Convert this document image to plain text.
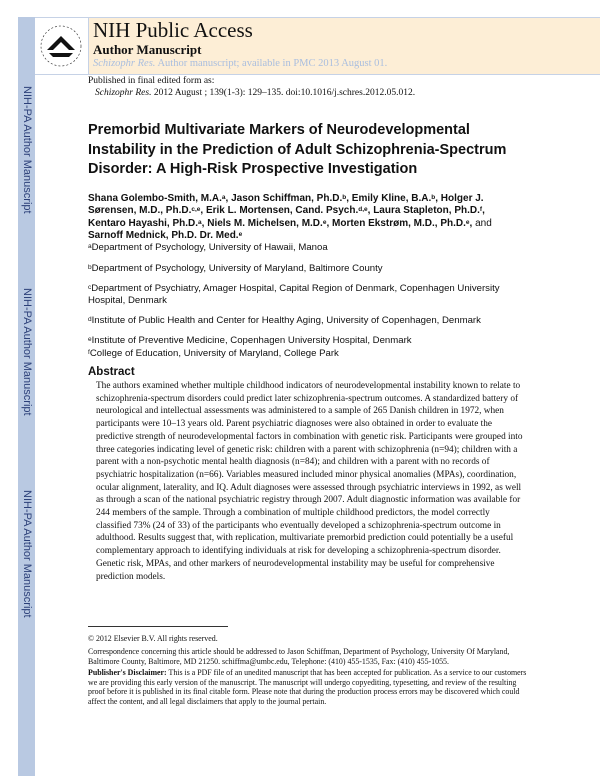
NIH-PA Author Manuscript
NIH-PA Author Manuscript
NIH-PA Author Manuscript
NIH Public Access
Author Manuscript
Schizophr Res. Author manuscript; available in PMC 2013 August 01.
Published in final edited form as:
Schizophr Res. 2012 August ; 139(1-3): 129–135. doi:10.1016/j.schres.2012.05.012.
Premorbid Multivariate Markers of Neurodevelopmental Instability in the Prediction of Adult Schizophrenia-Spectrum Disorder: A High-Risk Prospective Investigation
Shana Golembo-Smith, M.A.$^a$, Jason Schiffman, Ph.D.$^b$, Emily Kline, B.A.$^b$, Holger J. Sørensen, M.D., Ph.D.$^{c,e}$, Erik L. Mortensen, Cand. Psych.$^{d,e}$, Laura Stapleton, Ph.D.$^f$, Kentaro Hayashi, Ph.D.$^a$, Niels M. Michelsen, M.D.$^e$, Morten Ekstrøm, M.D., Ph.D.$^e$, and Sarnoff Mednick, Ph.D. Dr. Med.$^e$
$^a$Department of Psychology, University of Hawaii, Manoa
$^b$Department of Psychology, University of Maryland, Baltimore County
$^c$Department of Psychiatry, Amager Hospital, Capital Region of Denmark, Copenhagen University Hospital, Denmark
$^d$Institute of Public Health and Center for Healthy Aging, University of Copenhagen, Denmark
$^e$Institute of Preventive Medicine, Copenhagen University Hospital, Denmark
$^f$College of Education, University of Maryland, College Park
Abstract
The authors examined whether multiple childhood indicators of neurodevelopmental instability known to relate to schizophrenia-spectrum disorders could predict later schizophrenia-spectrum outcomes. A standardized battery of neurological and intellectual assessments was administered to a sample of 265 Danish children in 1972, when participants were 10–13 years old. Parent psychiatric diagnoses were also obtained in order to evaluate the predictive strength of neurodevelopmental factors in combination with genetic risk. Participants were grouped into three categories indicating level of genetic risk: children with a parent with schizophrenia (n=94); children with a parent with a non-psychotic mental health diagnosis (n=84); and children with a parent with no records of psychiatric hospitalization (n=66). Variables measured included minor physical anomalies (MPAs), coordination, ocular alignment, laterality, and IQ. Adult diagnoses were assessed through psychiatric interviews in 1992, as well as through a scan of the national psychiatric registry through 2007. Adult diagnostic information was available for 244 members of the sample. Through a combination of multiple childhood predictors, the model correctly classified 73% (24 of 33) of the participants who eventually developed a schizophrenia-spectrum outcome in adulthood. Results suggest that, with replication, multivariate premorbid prediction could potentially be a useful complementary approach to identifying individuals at risk for developing a schizophrenia-spectrum disorder. Genetic risk, MPAs, and other markers of neurodevelopmental instability may be useful for comprehensive prediction models.
© 2012 Elsevier B.V. All rights reserved.
Correspondence concerning this article should be addressed to Jason Schiffman, Department of Psychology, University Of Maryland, Baltimore County, Baltimore, MD 21250. schiffma@umbc.edu, Telephone: (410) 455-1535, Fax: (410) 455-1055.
Publisher's Disclaimer: This is a PDF file of an unedited manuscript that has been accepted for publication. As a service to our customers we are providing this early version of the manuscript. The manuscript will undergo copyediting, typesetting, and review of the resulting proof before it is published in its final citable form. Please note that during the production process errors may be discovered which could affect the content, and all legal disclaimers that apply to the journal pertain.
